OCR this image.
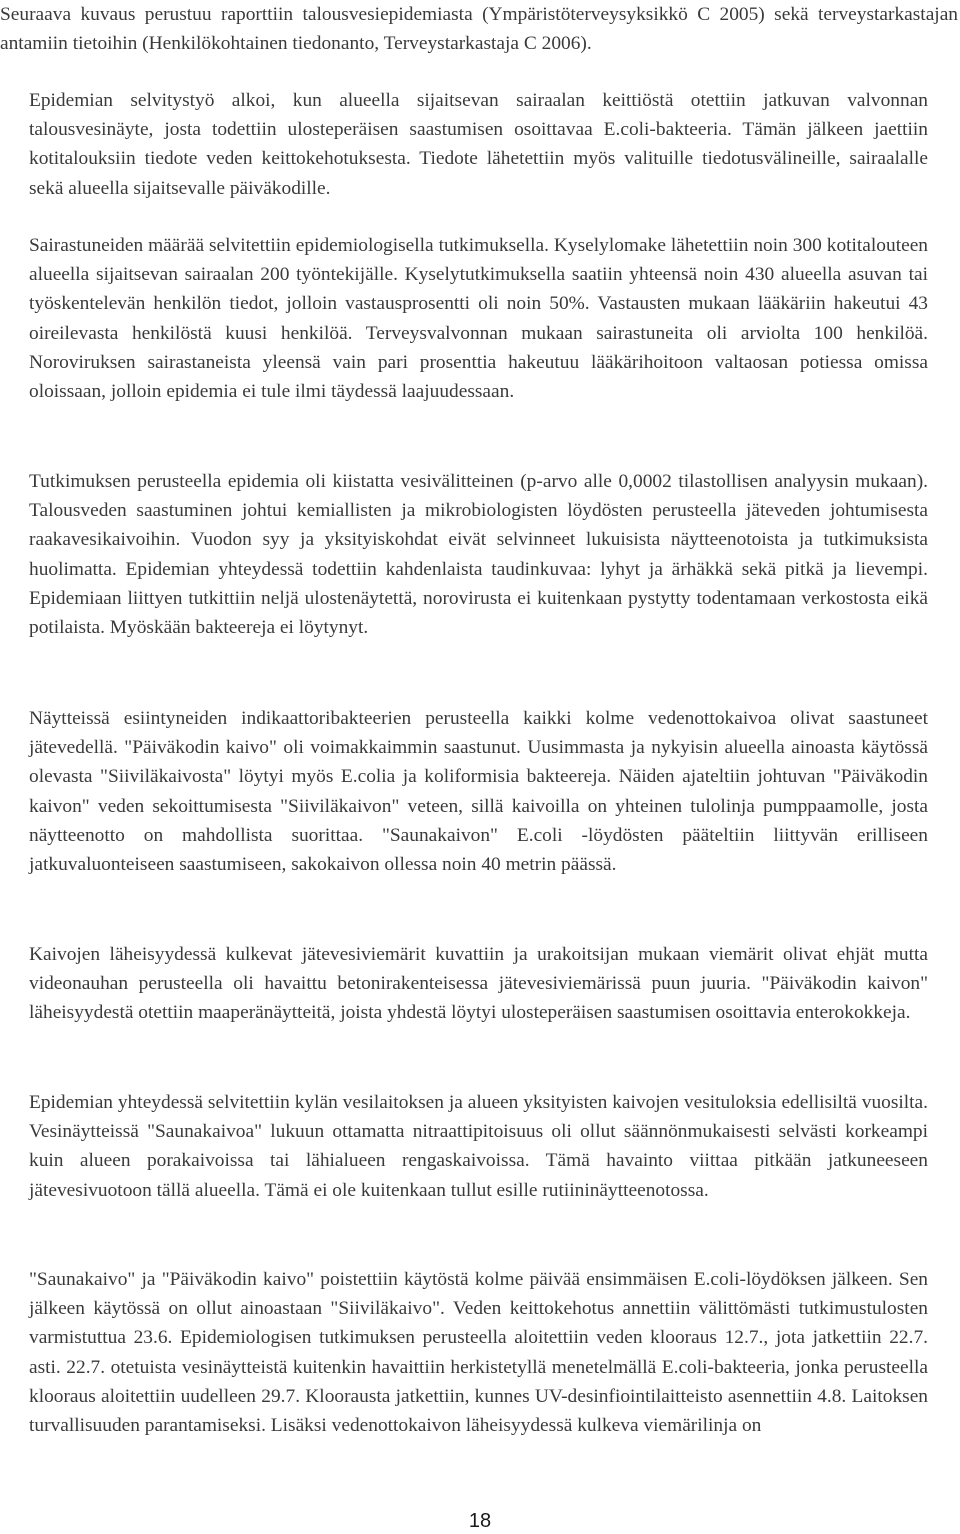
Seuraava kuvaus perustuu raporttiin talousvesiepidemiasta (Ympäristöterveysyksikkö C 2005) sekä terveystarkastajan antamiin tietoihin (Henkilökohtainen tiedonanto, Terveystarkastaja C 2006).

Epidemian selvitystyö alkoi, kun alueella sijaitsevan sairaalan keittiöstä otettiin jatkuvan valvonnan talousvesinäyte, josta todettiin ulosteperäisen saastumisen osoittavaa E.coli-bakteeria. Tämän jälkeen jaettiin kotitalouksiin tiedote veden keittokehotuksesta. Tiedote lähetettiin myös valituille tiedotusvälineille, sairaalalle sekä alueella sijaitsevalle päiväkodille.

Sairastuneiden määrää selvitettiin epidemiologisella tutkimuksella. Kyselylomake lähetettiin noin 300 kotitalouteen alueella sijaitsevan sairaalan 200 työntekijälle. Kyselytutkimuksella saatiin yhteensä noin 430 alueella asuvan tai työskentelevän henkilön tiedot, jolloin vastausprosentti oli noin 50%. Vastausten mukaan lääkäriin hakeutui 43 oireilevasta henkilöstä kuusi henkilöä. Terveysvalvonnan mukaan sairastuneita oli arviolta 100 henkilöä. Noroviruksen sairastaneista yleensä vain pari prosenttia hakeutuu lääkärihoitoon valtaosan potiessa omissa oloissaan, jolloin epidemia ei tule ilmi täydessä laajuudessaan.

Tutkimuksen perusteella epidemia oli kiistatta vesivälitteinen (p-arvo alle 0,0002 tilastollisen analyysin mukaan). Talousveden saastuminen johtui kemiallisten ja mikrobiologisten löydösten perusteella jäteveden johtumisesta raakavesikaivoihin. Vuodon syy ja yksityiskohdat eivät selvinneet lukuisista näytteenotoista ja tutkimuksista huolimatta. Epidemian yhteydessä todettiin kahdenlaista taudinkuvaa: lyhyt ja ärhäkkä sekä pitkä ja lievempi. Epidemiaan liittyen tutkittiin neljä ulostenäytettä, norovirusta ei kuitenkaan pystytty todentamaan verkostosta eikä potilaista. Myöskään bakteereja ei löytynyt.

Näytteissä esiintyneiden indikaattoribakteerien perusteella kaikki kolme vedenottokaivoa olivat saastuneet jätevedellä. "Päiväkodin kaivo" oli voimakkaimmin saastunut. Uusimmasta ja nykyisin alueella ainoasta käytössä olevasta "Siiviläkaivosta" löytyi myös E.colia ja koliformisia bakteereja. Näiden ajateltiin johtuvan "Päiväkodin kaivon" veden sekoittumisesta "Siiviläkaivon" veteen, sillä kaivoilla on yhteinen tulolinja pumppaamolle, josta näytteenotto on mahdollista suorittaa. "Saunakaivon" E.coli -löydösten pääteltiin liittyvän erilliseen jatkuvaluonteiseen saastumiseen, sakokaivon ollessa noin 40 metrin päässä.

Kaivojen läheisyydessä kulkevat jätevesiviemärit kuvattiin ja urakoitsijan mukaan viemärit olivat ehjät mutta videonauhan perusteella oli havaittu betonirakenteisessa jätevesiviemärissä puun juuria. "Päiväkodin kaivon" läheisyydestä otettiin maaperänäytteitä, joista yhdestä löytyi ulosteperäisen saastumisen osoittavia enterokokkeja.

Epidemian yhteydessä selvitettiin kylän vesilaitoksen ja alueen yksityisten kaivojen vesituloksia edellisiltä vuosilta. Vesinäytteissä "Saunakaivoa" lukuun ottamatta nitraattipitoisuus oli ollut säännönmukaisesti selvästi korkeampi kuin alueen porakaivoissa tai lähialueen rengaskaivoissa. Tämä havainto viittaa pitkään jatkuneeseen jätevesivuotoon tällä alueella. Tämä ei ole kuitenkaan tullut esille rutiininäytteenotossa.

"Saunakaivo" ja "Päiväkodin kaivo" poistettiin käytöstä kolme päivää ensimmäisen E.coli-löydöksen jälkeen. Sen jälkeen käytössä on ollut ainoastaan "Siiviläkaivo". Veden keittokehotus annettiin välittömästi tutkimustulosten varmistuttua 23.6. Epidemiologisen tutkimuksen perusteella aloitettiin veden klooraus 12.7., jota jatkettiin 22.7. asti. 22.7. otetuista vesinäytteistä kuitenkin havaittiin herkistetyllä menetelmällä E.coli-bakteeria, jonka perusteella klooraus aloitettiin uudelleen 29.7. Kloorausta jatkettiin, kunnes UV-desinfiointilaitteisto asennettiin 4.8. Laitoksen turvallisuuden parantamiseksi. Lisäksi vedenottokaivon läheisyydessä kulkeva viemärilinja on

18
